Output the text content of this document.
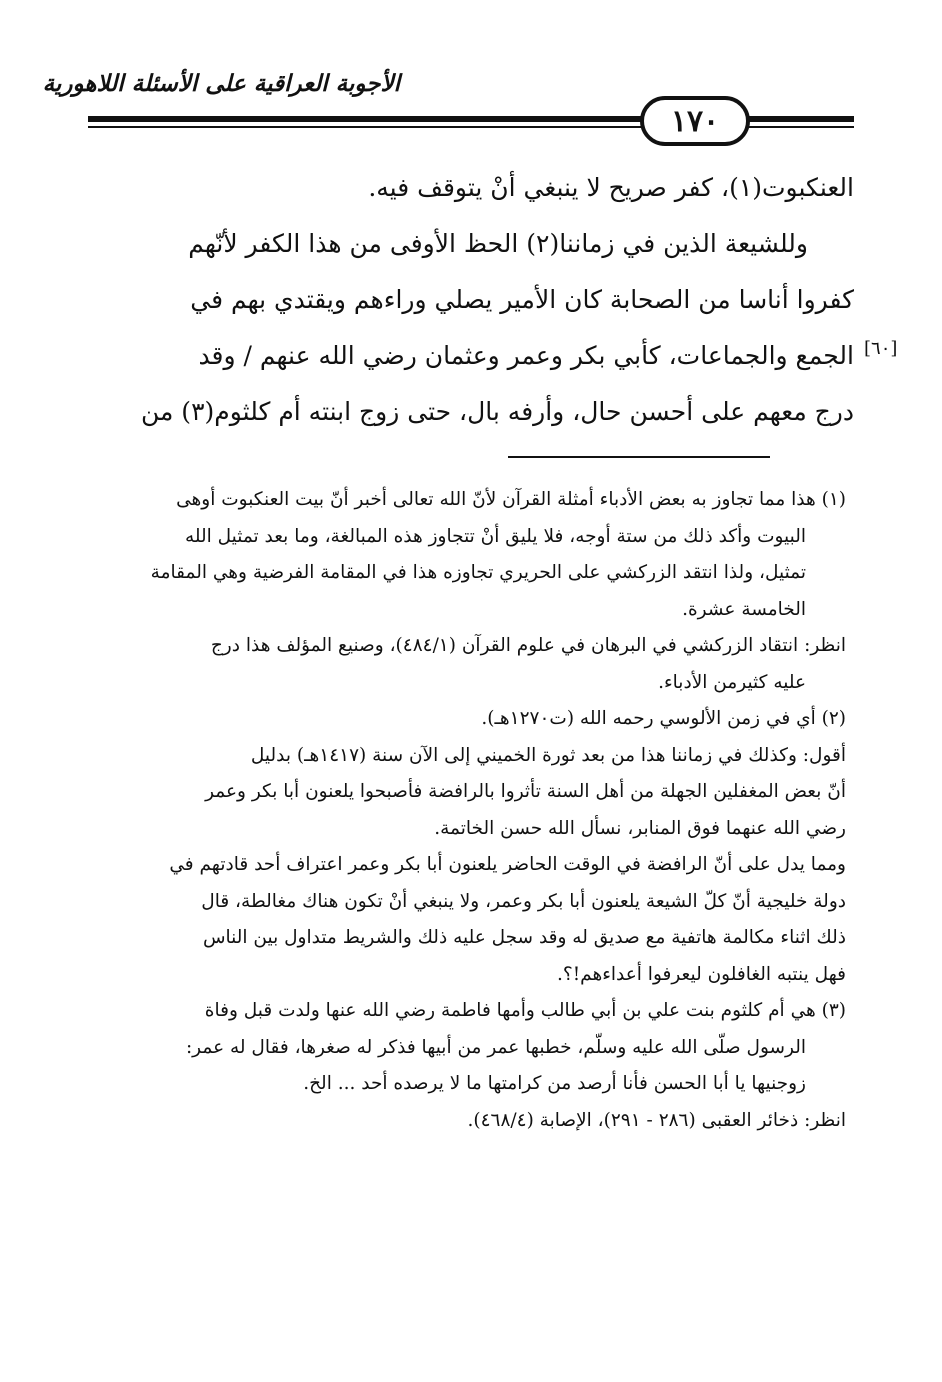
الأجوبة العراقية على الأسئلة اللاهورية
١٧٠
[٦٠]
العنكبوت(١)، كفر صريح لا ينبغي أنْ يتوقف فيه.
وللشيعة الذين في زماننا(٢) الحظ الأوفى من هذا الكفر لأنّهم
كفروا أناسا من الصحابة كان الأمير يصلي وراءهم ويقتدي بهم في
الجمع والجماعات، كأبي بكر وعمر وعثمان رضي الله عنهم / وقد
درج معهم على أحسن حال، وأرفه بال، حتى زوج ابنته أم كلثوم(٣) من
(١) هذا مما تجاوز به بعض الأدباء أمثلة القرآن لأنّ الله تعالى أخبر أنّ بيت العنكبوت أوهى
البيوت وأكد ذلك من ستة أوجه، فلا يليق أنْ تتجاوز هذه المبالغة، وما بعد تمثيل الله
تمثيل، ولذا انتقد الزركشي على الحريري تجاوزه هذا في المقامة الفرضية وهي المقامة
الخامسة عشرة.
انظر: انتقاد الزركشي في البرهان في علوم القرآن (٤٨٤/١)، وصنيع المؤلف هذا درج
عليه كثيرمن الأدباء.
(٢) أي في زمن الألوسي رحمه الله (ت١٢٧٠هـ).
أقول: وكذلك في زماننا هذا من بعد ثورة الخميني إلى الآن سنة (١٤١٧هـ) بدليل
أنّ بعض المغفلين الجهلة من أهل السنة تأثروا بالرافضة فأصبحوا يلعنون أبا بكر وعمر
رضي الله عنهما فوق المنابر، نسأل الله حسن الخاتمة.
ومما يدل على أنّ الرافضة في الوقت الحاضر يلعنون أبا بكر وعمر اعتراف أحد قادتهم في
دولة خليجية أنّ كلّ الشيعة يلعنون أبا بكر وعمر، ولا ينبغي أنْ تكون هناك مغالطة، قال
ذلك اثناء مكالمة هاتفية مع صديق له وقد سجل عليه ذلك والشريط متداول بين الناس
فهل ينتبه الغافلون ليعرفوا أعداءهم!؟.
(٣) هي أم كلثوم بنت علي بن أبي طالب وأمها فاطمة رضي الله عنها ولدت قبل وفاة
الرسول صلّى الله عليه وسلّم، خطبها عمر من أبيها فذكر له صغرها، فقال له عمر:
زوجنيها يا أبا الحسن فأنا أرصد من كرامتها ما لا يرصده أحد ... الخ.
انظر: ذخائر العقبى (٢٨٦ - ٢٩١)، الإصابة (٤٦٨/٤).
